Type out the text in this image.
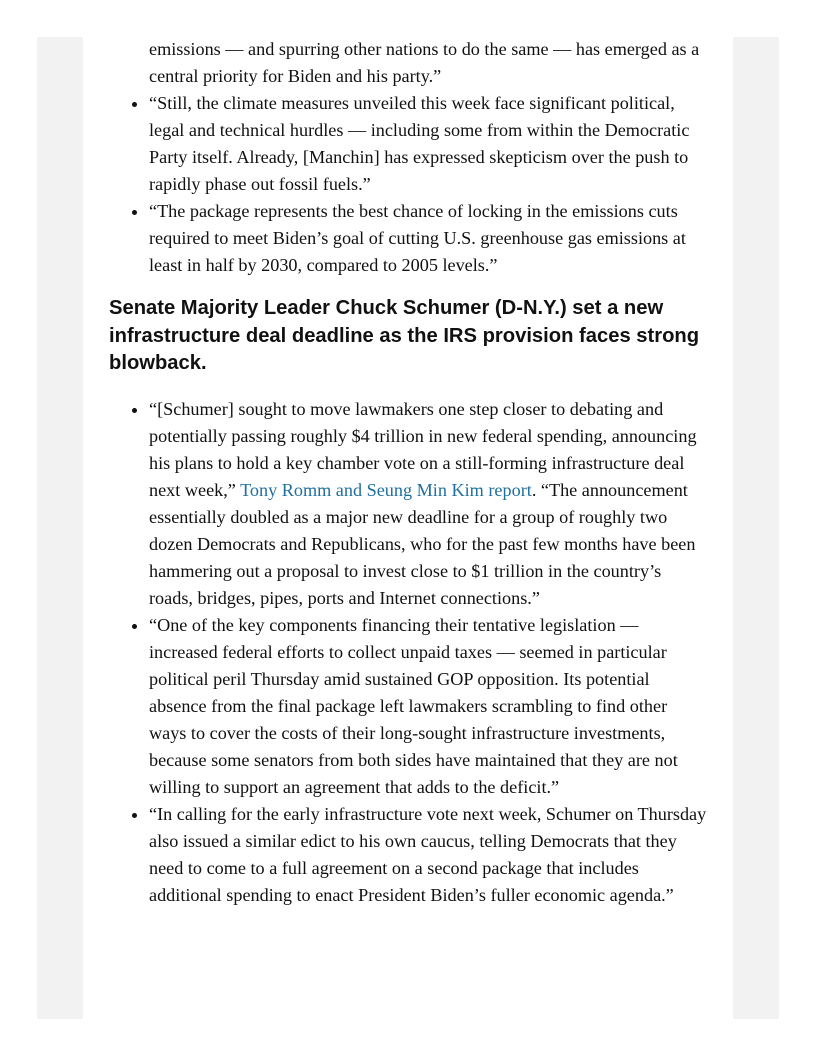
emissions — and spurring other nations to do the same — has emerged as a central priority for Biden and his party.”
• “Still, the climate measures unveiled this week face significant political, legal and technical hurdles — including some from within the Democratic Party itself. Already, [Manchin] has expressed skepticism over the push to rapidly phase out fossil fuels.”
• “The package represents the best chance of locking in the emissions cuts required to meet Biden’s goal of cutting U.S. greenhouse gas emissions at least in half by 2030, compared to 2005 levels.”
Senate Majority Leader Chuck Schumer (D-N.Y.) set a new infrastructure deal deadline as the IRS provision faces strong blowback.
• “[Schumer] sought to move lawmakers one step closer to debating and potentially passing roughly $4 trillion in new federal spending, announcing his plans to hold a key chamber vote on a still-forming infrastructure deal next week,” Tony Romm and Seung Min Kim report. “The announcement essentially doubled as a major new deadline for a group of roughly two dozen Democrats and Republicans, who for the past few months have been hammering out a proposal to invest close to $1 trillion in the country’s roads, bridges, pipes, ports and Internet connections.”
• “One of the key components financing their tentative legislation — increased federal efforts to collect unpaid taxes — seemed in particular political peril Thursday amid sustained GOP opposition. Its potential absence from the final package left lawmakers scrambling to find other ways to cover the costs of their long-sought infrastructure investments, because some senators from both sides have maintained that they are not willing to support an agreement that adds to the deficit.”
• “In calling for the early infrastructure vote next week, Schumer on Thursday also issued a similar edict to his own caucus, telling Democrats that they need to come to a full agreement on a second package that includes additional spending to enact President Biden’s fuller economic agenda.”
